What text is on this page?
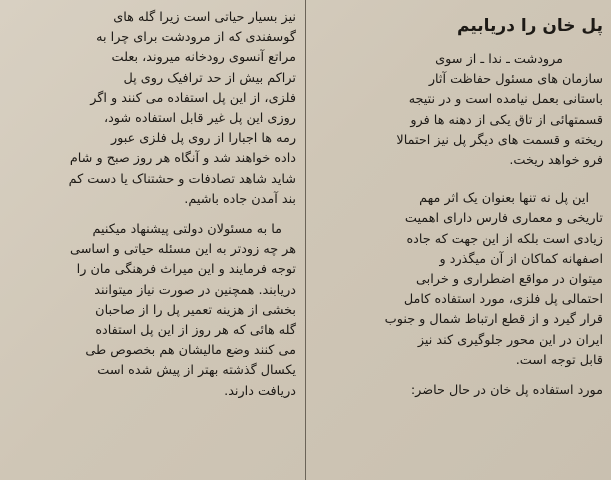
پل خان را دریابیم
مرودشت ـ ندا ـ از سوی
سازمان های مسئول حفاظت آثار
باستانی بعمل نیامده است و در نتیجه
قسمتهائی از تاق یکی از دهنه ها فرو
ریخته و قسمت های دیگر پل نیز احتمالا
فرو خواهد ریخت.
این پل نه تنها بعنوان یک اثر مهم
تاریخی و معماری فارس دارای اهمیت
زیادی است بلکه از این جهت که جاده
اصفهانه کماکان از آن میگذرد و
میتوان در مواقع اضطراری و خرابی
احتمالی پل فلزی، مورد استفاده کامل
قرار گیرد و از قطع ارتباط شمال و جنوب
ایران در این محور جلوگیری کند نیز
قابل توجه است.
مورد استفاده پل خان در حال حاضر:
نیز بسیار حیاتی است زیرا گله های
گوسفندی که از مرودشت برای چرا به
مراتع آنسوی رودخانه میروند، بعلت
تراکم بیش از حد ترافیک روی پل
فلزی، از این پل استفاده می کنند و اگر
روزی این پل غیر قابل استفاده شود،
رمه ها اجبارا از روی پل فلزی عبور
داده خواهند شد و آنگاه هر روز صبح و شام
شاید شاهد تصادفات و حشتناک یا دست کم
بند آمدن جاده باشیم.
ما به مسئولان دولتی پیشنهاد میکنیم
هر چه زودتر به این مسئله حیاتی و اساسی
توجه فرمایند و این میراث فرهنگی مان را
دریابند. همچنین در صورت نیاز میتوانند
بخشی از هزینه تعمیر پل را از صاحبان
گله هائی که هر روز از این پل استفاده
می کنند وضع مالیشان هم بخصوص طی
یکسال گذشته بهتر از پیش شده است
دریافت دارند.
